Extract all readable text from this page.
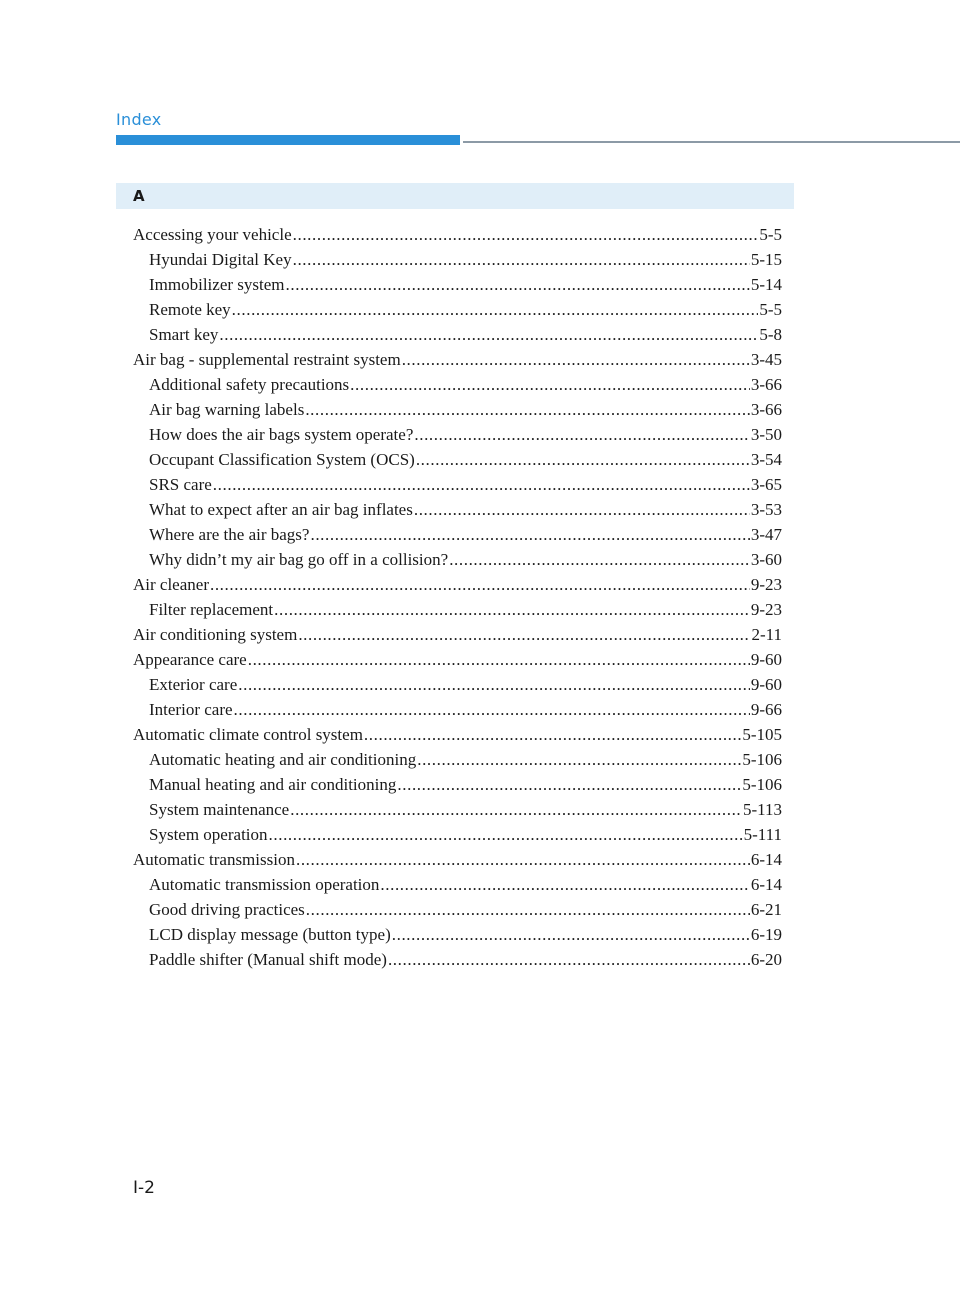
Index
A
Accessing your vehicle .....	5-5
Hyundai Digital Key .....	5-15
Immobilizer system .....	5-14
Remote key .....	5-5
Smart key .....	5-8
Air bag - supplemental restraint system .....	3-45
Additional safety precautions .....	3-66
Air bag warning labels .....	3-66
How does the air bags system operate? .....	3-50
Occupant Classification System (OCS) .....	3-54
SRS care .....	3-65
What to expect after an air bag inflates .....	3-53
Where are the air bags? .....	3-47
Why didn’t my air bag go off in a collision? .....	3-60
Air cleaner .....	9-23
Filter replacement .....	9-23
Air conditioning system .....	2-11
Appearance care .....	9-60
Exterior care .....	9-60
Interior care .....	9-66
Automatic climate control system .....	5-105
Automatic heating and air conditioning .....	5-106
Manual heating and air conditioning .....	5-106
System maintenance .....	5-113
System operation .....	5-111
Automatic transmission .....	6-14
Automatic transmission operation .....	6-14
Good driving practices .....	6-21
LCD display message (button type) .....	6-19
Paddle shifter (Manual shift mode) .....	6-20
I-2
